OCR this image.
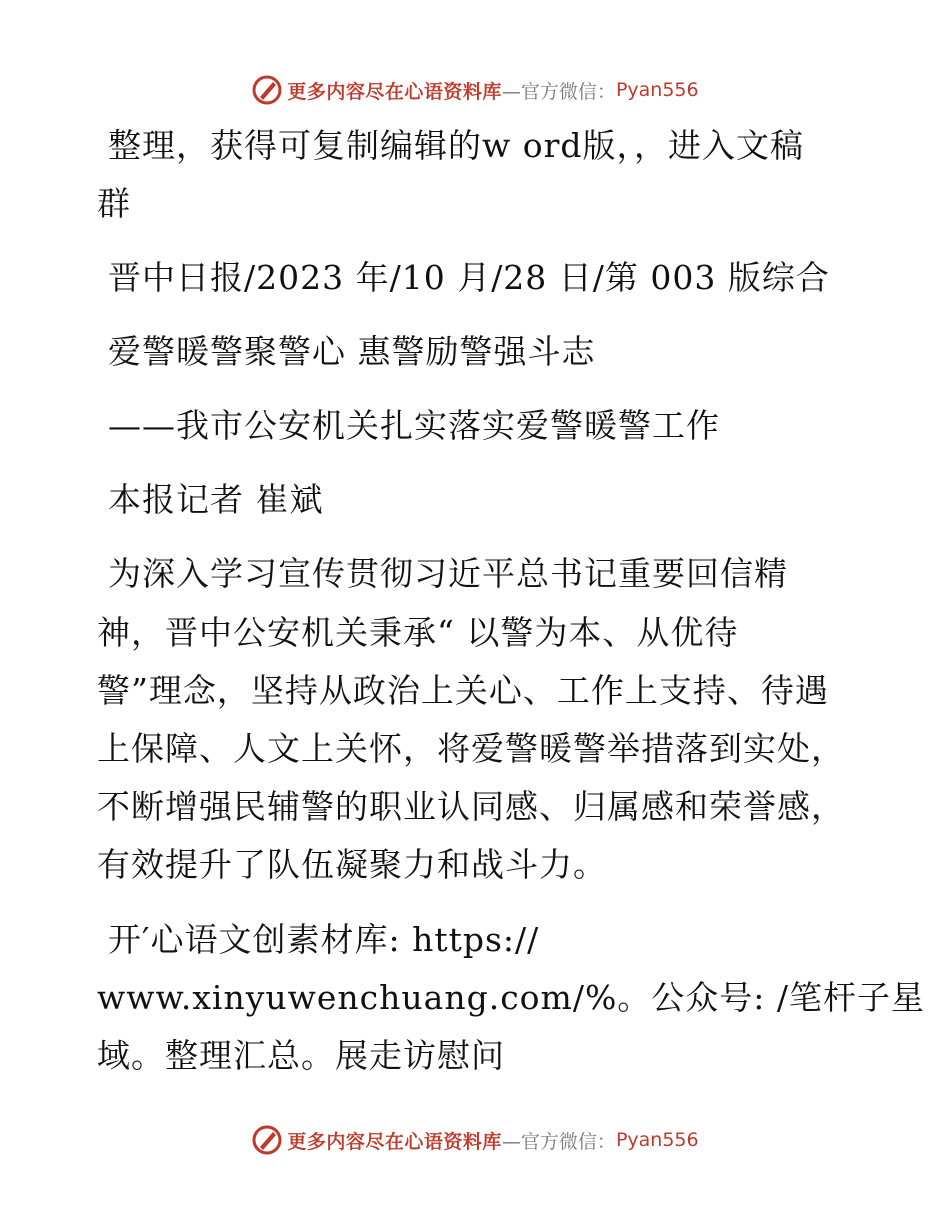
更多内容尽在心语资料库 —官方微信： Pyan556
整理，获得可复制编辑的w ord版，，进入文稿
群
晋中日报/2023 年/10 月/28 日/第 003 版综合
爱警暖警聚警心 惠警励警强斗志
——我市公安机关扎实落实爱警暖警工作
本报记者 崔斌
为深入学习宣传贯彻习近平总书记重要回信精
神，晋中公安机关秉承“ 以警为本、从优待
警”理念，坚持从政治上关心、工作上支持、待遇
上保障、人文上关怀，将爱警暖警举措落到实处，
不断增强民辅警的职业认同感、归属感和荣誉感，
有效提升了队伍凝聚力和战斗力。
开′心语文创素材库: https://
www.xinyuwenchuang.com/%。公众号: /笔杆子星
域。整理汇总。展走访慰问
更多内容尽在心语资料库 —官方微信： Pyan556
